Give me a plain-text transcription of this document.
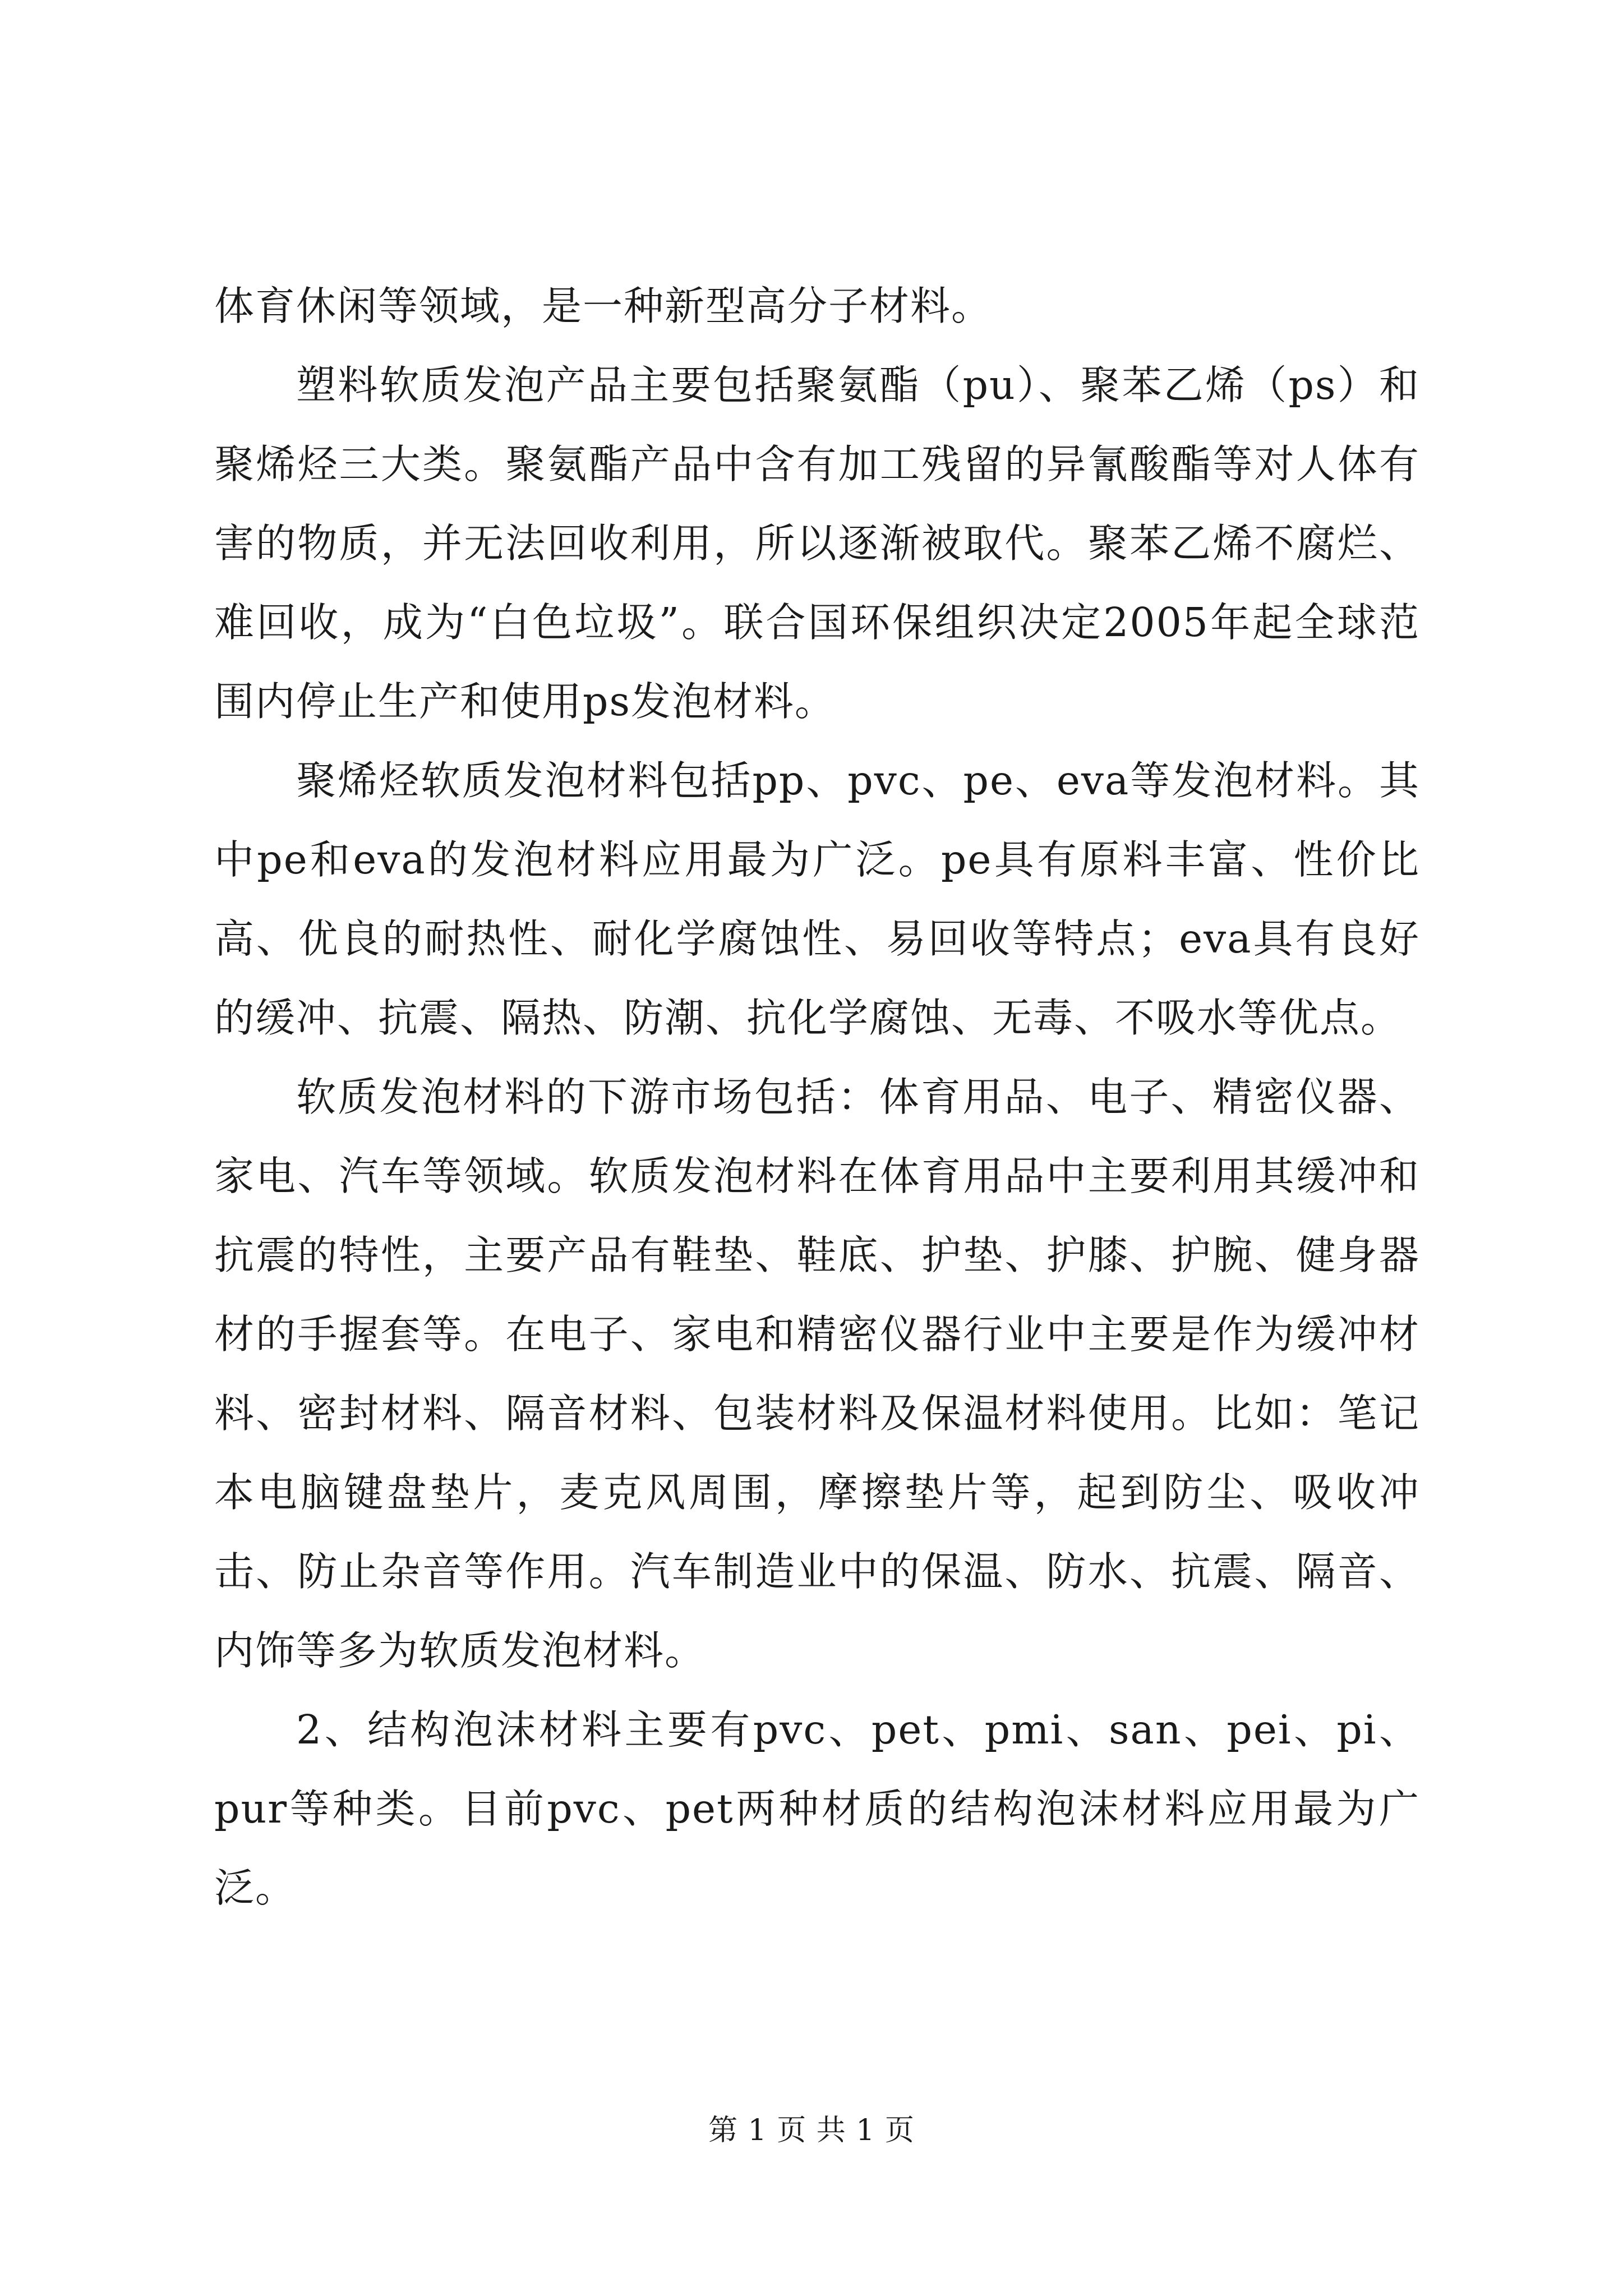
体育休闲等领域，是一种新型高分子材料。

塑料软质发泡产品主要包括聚氨酯（pu）、聚苯乙烯（ps）和聚烯烃三大类。聚氨酯产品中含有加工残留的异氰酸酯等对人体有害的物质，并无法回收利用，所以逐渐被取代。聚苯乙烯不腐烂、难回收，成为“白色垃圾”。联合国环保组织决定2005年起全球范围内停止生产和使用ps发泡材料。

聚烯烃软质发泡材料包括pp、pvc、pe、eva等发泡材料。其中pe和eva的发泡材料应用最为广泛。pe具有原料丰富、性价比高、优良的耐热性、耐化学腐蚀性、易回收等特点；eva具有良好的缓冲、抗震、隔热、防潮、抗化学腐蚀、无毒、不吸水等优点。

软质发泡材料的下游市场包括：体育用品、电子、精密仪器、家电、汽车等领域。软质发泡材料在体育用品中主要利用其缓冲和抗震的特性，主要产品有鞋垫、鞋底、护垫、护膝、护腕、健身器材的手握套等。在电子、家电和精密仪器行业中主要是作为缓冲材料、密封材料、隔音材料、包装材料及保温材料使用。比如：笔记本电脑键盘垫片，麦克风周围，摩擦垫片等，起到防尘、吸收冲击、防止杂音等作用。汽车制造业中的保温、防水、抗震、隔音、内饰等多为软质发泡材料。

2、结构泡沫材料主要有pvc、pet、pmi、san、pei、pi、pur等种类。目前pvc、pet两种材质的结构泡沫材料应用最为广泛。

第 1 页 共 1 页
